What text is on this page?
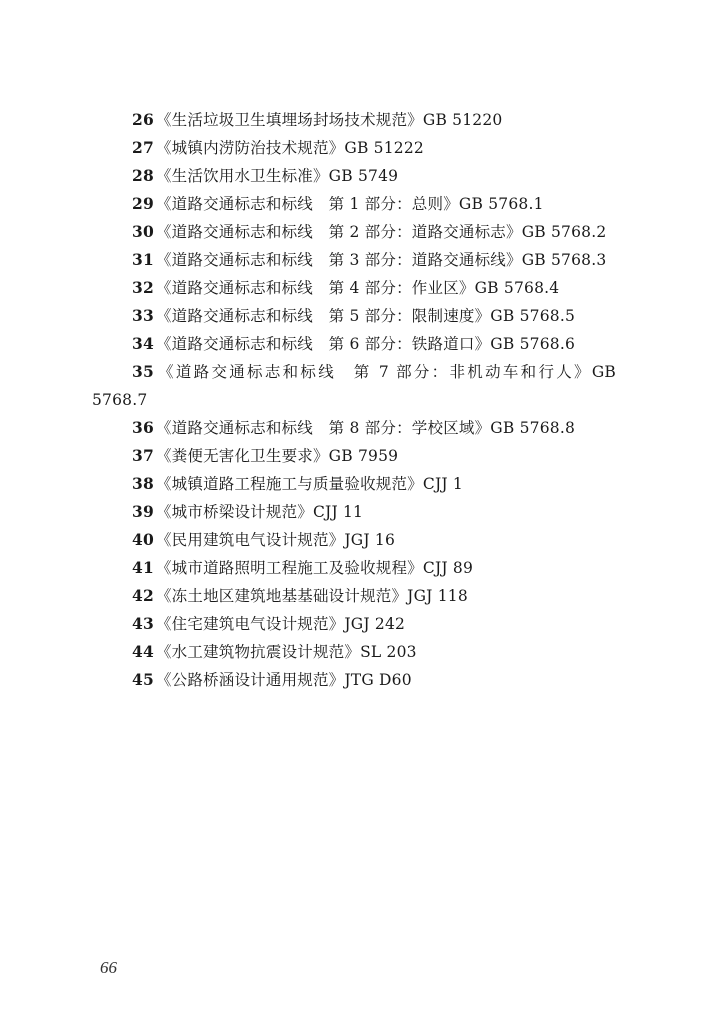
26 《生活垃圾卫生填埋场封场技术规范》GB 51220
27 《城镇内涝防治技术规范》GB 51222
28 《生活饮用水卫生标准》GB 5749
29 《道路交通标志和标线　第 1 部分：总则》GB 5768.1
30 《道路交通标志和标线　第 2 部分：道路交通标志》GB 5768.2
31 《道路交通标志和标线　第 3 部分：道路交通标线》GB 5768.3
32 《道路交通标志和标线　第 4 部分：作业区》GB 5768.4
33 《道路交通标志和标线　第 5 部分：限制速度》GB 5768.5
34 《道路交通标志和标线　第 6 部分：铁路道口》GB 5768.6
35 《道路交通标志和标线　第 7 部分：非机动车和行人》GB 5768.7
36 《道路交通标志和标线　第 8 部分：学校区域》GB 5768.8
37 《粪便无害化卫生要求》GB 7959
38 《城镇道路工程施工与质量验收规范》CJJ 1
39 《城市桥梁设计规范》CJJ 11
40 《民用建筑电气设计规范》JGJ 16
41 《城市道路照明工程施工及验收规程》CJJ 89
42 《冻土地区建筑地基基础设计规范》JGJ 118
43 《住宅建筑电气设计规范》JGJ 242
44 《水工建筑物抗震设计规范》SL 203
45 《公路桥涵设计通用规范》JTG D60
66
